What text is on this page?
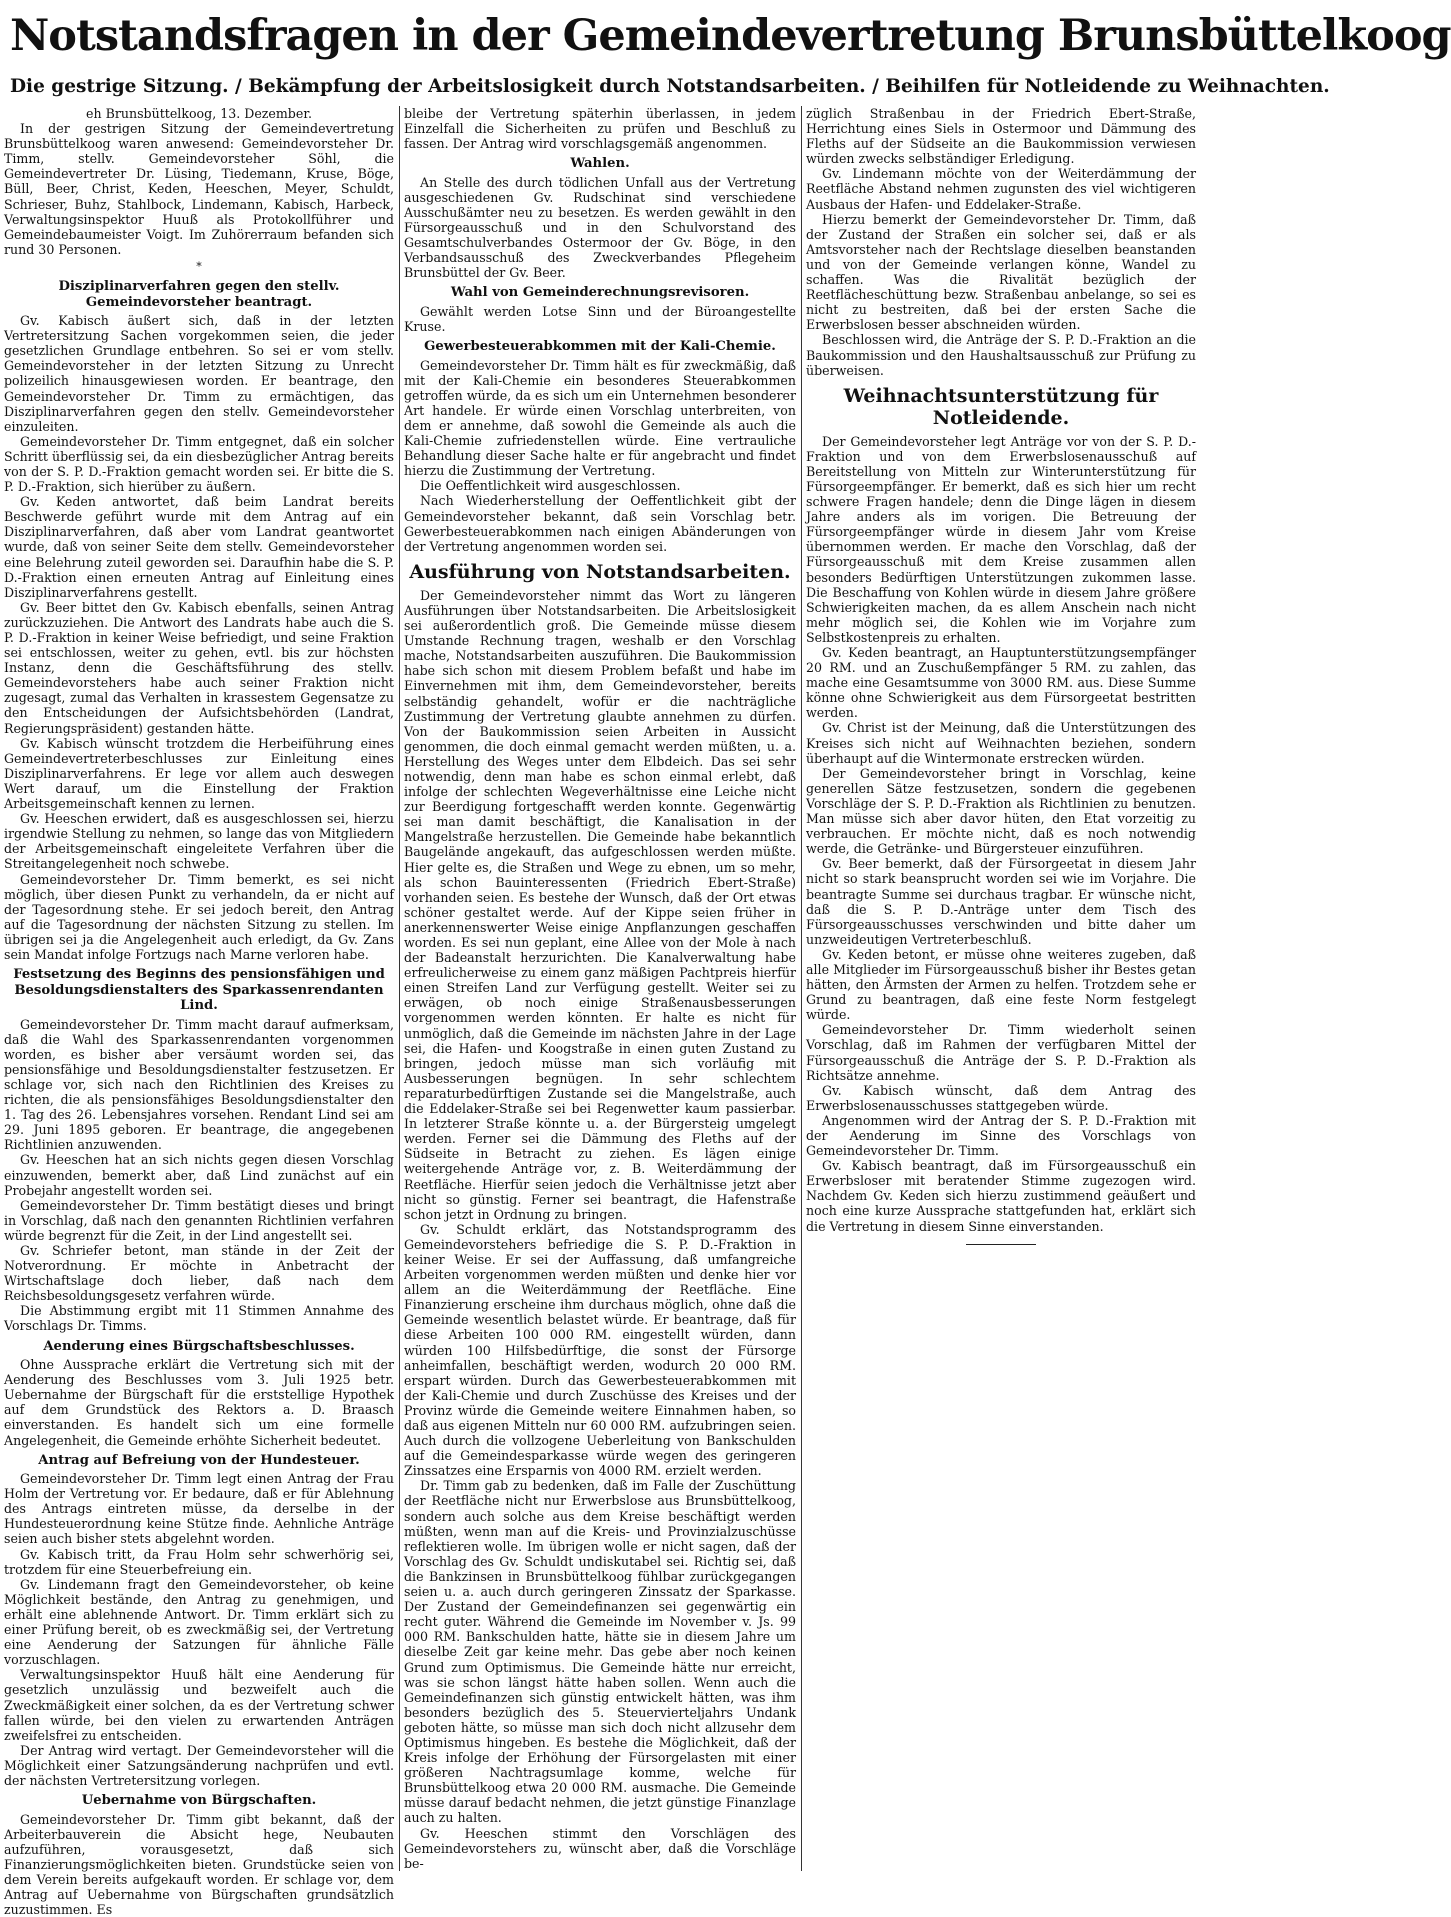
Notstandsfragen in der Gemeindevertretung Brunsbüttelkoog
Die gestrige Sitzung. / Bekämpfung der Arbeitslosigkeit durch Notstandsarbeiten. / Beihilfen für Notleidende zu Weihnachten.

eh Brunsbüttelkoog, 13. Dezember.

In der gestrigen Sitzung der Gemeindevertretung Brunsbüttelkoog waren anwesend: Gemeindevorsteher Dr. Timm, stellv. Gemeindevorsteher Söhl, die Gemeindevertreter Dr. Lüsing, Tiedemann, Kruse, Böge, Büll, Beer, Christ, Keden, Heeschen, Meyer, Schuldt, Schrieser, Buhz, Stahlbock, Lindemann, Kabisch, Harbeck, Verwaltungsinspektor Huuß als Protokollführer und Gemeindebaumeister Voigt. Im Zuhörerraum befanden sich rund 30 Personen.

*
Disziplinarverfahren gegen den stellv. Gemeindevorsteher beantragt.

Gv. Kabisch äußert sich, daß in der letzten Vertretersitzung Sachen vorgekommen seien, die jeder gesetzlichen Grundlage entbehren. So sei er vom stellv. Gemeindevorsteher in der letzten Sitzung zu Unrecht polizeilich hinausgewiesen worden. Er beantrage, den Gemeindevorsteher Dr. Timm zu ermächtigen, das Disziplinarverfahren gegen den stellv. Gemeindevorsteher einzuleiten.

Gemeindevorsteher Dr. Timm entgegnet, daß ein solcher Schritt überflüssig sei, da ein diesbezüglicher Antrag bereits von der S. P. D.-Fraktion gemacht worden sei. Er bitte die S. P. D.-Fraktion, sich hierüber zu äußern.

Gv. Keden antwortet, daß beim Landrat bereits Beschwerde geführt wurde mit dem Antrag auf ein Disziplinarverfahren, daß aber vom Landrat geantwortet wurde, daß von seiner Seite dem stellv. Gemeindevorsteher eine Belehrung zuteil geworden sei. Daraufhin habe die S. P. D.-Fraktion einen erneuten Antrag auf Einleitung eines Disziplinarverfahrens gestellt.

Gv. Beer bittet den Gv. Kabisch ebenfalls, seinen Antrag zurückzuziehen. Die Antwort des Landrats habe auch die S. P. D.-Fraktion in keiner Weise befriedigt, und seine Fraktion sei entschlossen, weiter zu gehen, evtl. bis zur höchsten Instanz, denn die Geschäftsführung des stellv. Gemeindevorstehers habe auch seiner Fraktion nicht zugesagt, zumal das Verhalten in krassestem Gegensatze zu den Entscheidungen der Aufsichtsbehörden (Landrat, Regierungspräsident) gestanden hätte.

Gv. Kabisch wünscht trotzdem die Herbeiführung eines Gemeindevertreterbeschlusses zur Einleitung eines Disziplinarverfahrens. Er lege vor allem auch deswegen Wert darauf, um die Einstellung der Fraktion Arbeitsgemeinschaft kennen zu lernen.

Gv. Heeschen erwidert, daß es ausgeschlossen sei, hierzu irgendwie Stellung zu nehmen, so lange das von Mitgliedern der Arbeitsgemeinschaft eingeleitete Verfahren über die Streitangelegenheit noch schwebe.

Gemeindevorsteher Dr. Timm bemerkt, es sei nicht möglich, über diesen Punkt zu verhandeln, da er nicht auf der Tagesordnung stehe. Er sei jedoch bereit, den Antrag auf die Tagesordnung der nächsten Sitzung zu stellen. Im übrigen sei ja die Angelegenheit auch erledigt, da Gv. Zans sein Mandat infolge Fortzugs nach Marne verloren habe.

Festsetzung des Beginns des pensionsfähigen und Besoldungsdienstalters des Sparkassenrendanten Lind.

Gemeindevorsteher Dr. Timm macht darauf aufmerksam, daß die Wahl des Sparkassenrendanten vorgenommen worden, es bisher aber versäumt worden sei, das pensionsfähige und Besoldungsdienstalter festzusetzen. Er schlage vor, sich nach den Richtlinien des Kreises zu richten, die als pensionsfähiges Besoldungsdienstalter den 1. Tag des 26. Lebensjahres vorsehen. Rendant Lind sei am 29. Juni 1895 geboren. Er beantrage, die angegebenen Richtlinien anzuwenden.

Gv. Heeschen hat an sich nichts gegen diesen Vorschlag einzuwenden, bemerkt aber, daß Lind zunächst auf ein Probejahr angestellt worden sei.

Gemeindevorsteher Dr. Timm bestätigt dieses und bringt in Vorschlag, daß nach den genannten Richtlinien verfahren würde begrenzt für die Zeit, in der Lind angestellt sei.

Gv. Schriefer betont, man stände in der Zeit der Notverordnung. Er möchte in Anbetracht der Wirtschaftslage doch lieber, daß nach dem Reichsbesoldungsgesetz verfahren würde.

Die Abstimmung ergibt mit 11 Stimmen Annahme des Vorschlags Dr. Timms.

Aenderung eines Bürgschaftsbeschlusses.

Ohne Aussprache erklärt die Vertretung sich mit der Aenderung des Beschlusses vom 3. Juli 1925 betr. Uebernahme der Bürgschaft für die erststellige Hypothek auf dem Grundstück des Rektors a. D. Braasch einverstanden. Es handelt sich um eine formelle Angelegenheit, die Gemeinde erhöhte Sicherheit bedeutet.

Antrag auf Befreiung von der Hundesteuer.

Gemeindevorsteher Dr. Timm legt einen Antrag der Frau Holm der Vertretung vor. Er bedaure, daß er für Ablehnung des Antrags eintreten müsse, da derselbe in der Hundesteuerordnung keine Stütze finde. Aehnliche Anträge seien auch bisher stets abgelehnt worden.

Gv. Kabisch tritt, da Frau Holm sehr schwerhörig sei, trotzdem für eine Steuerbefreiung ein.

Gv. Lindemann fragt den Gemeindevorsteher, ob keine Möglichkeit bestände, den Antrag zu genehmigen, und erhält eine ablehnende Antwort. Dr. Timm erklärt sich zu einer Prüfung bereit, ob es zweckmäßig sei, der Vertretung eine Aenderung der Satzungen für ähnliche Fälle vorzuschlagen.

Verwaltungsinspektor Huuß hält eine Aenderung für gesetzlich unzulässig und bezweifelt auch die Zweckmäßigkeit einer solchen, da es der Vertretung schwer fallen würde, bei den vielen zu erwartenden Anträgen zweifelsfrei zu entscheiden.

Der Antrag wird vertagt. Der Gemeindevorsteher will die Möglichkeit einer Satzungsänderung nachprüfen und evtl. der nächsten Vertretersitzung vorlegen.

Uebernahme von Bürgschaften.

Gemeindevorsteher Dr. Timm gibt bekannt, daß der Arbeiterbauverein die Absicht hege, Neubauten aufzuführen, vorausgesetzt, daß sich Finanzierungsmöglichkeiten bieten. Grundstücke seien von dem Verein bereits aufgekauft worden. Er schlage vor, dem Antrag auf Uebernahme von Bürgschaften grundsätzlich zuzustimmen. Es

bleibe der Vertretung späterhin überlassen, in jedem Einzelfall die Sicherheiten zu prüfen und Beschluß zu fassen. Der Antrag wird vorschlagsgemäß angenommen.

Wahlen.

An Stelle des durch tödlichen Unfall aus der Vertretung ausgeschiedenen Gv. Rudschinat sind verschiedene Ausschußämter neu zu besetzen. Es werden gewählt in den Fürsorgeausschuß und in den Schulvorstand des Gesamtschulverbandes Ostermoor der Gv. Böge, in den Verbandsausschuß des Zweckverbandes Pflegeheim Brunsbüttel der Gv. Beer.

Wahl von Gemeinderechnungsrevisoren.

Gewählt werden Lotse Sinn und der Büroangestellte Kruse.

Gewerbesteuerabkommen mit der Kali-Chemie.

Gemeindevorsteher Dr. Timm hält es für zweckmäßig, daß mit der Kali-Chemie ein besonderes Steuerabkommen getroffen würde, da es sich um ein Unternehmen besonderer Art handele. Er würde einen Vorschlag unterbreiten, von dem er annehme, daß sowohl die Gemeinde als auch die Kali-Chemie zufriedenstellen würde. Eine vertrauliche Behandlung dieser Sache halte er für angebracht und findet hierzu die Zustimmung der Vertretung.

Die Oeffentlichkeit wird ausgeschlossen.

Nach Wiederherstellung der Oeffentlichkeit gibt der Gemeindevorsteher bekannt, daß sein Vorschlag betr. Gewerbesteuerabkommen nach einigen Abänderungen von der Vertretung angenommen worden sei.

Ausführung von Notstandsarbeiten.

Der Gemeindevorsteher nimmt das Wort zu längeren Ausführungen über Notstandsarbeiten. Die Arbeitslosigkeit sei außerordentlich groß. Die Gemeinde müsse diesem Umstande Rechnung tragen, weshalb er den Vorschlag mache, Notstandsarbeiten auszuführen. Die Baukommission habe sich schon mit diesem Problem befaßt und habe im Einvernehmen mit ihm, dem Gemeindevorsteher, bereits selbständig gehandelt, wofür er die nachträgliche Zustimmung der Vertretung glaubte annehmen zu dürfen. Von der Baukommission seien Arbeiten in Aussicht genommen, die doch einmal gemacht werden müßten, u. a. Herstellung des Weges unter dem Elbdeich. Das sei sehr notwendig, denn man habe es schon einmal erlebt, daß infolge der schlechten Wegeverhältnisse eine Leiche nicht zur Beerdigung fortgeschafft werden konnte. Gegenwärtig sei man damit beschäftigt, die Kanalisation in der Mangelstraße herzustellen. Die Gemeinde habe bekanntlich Baugelände angekauft, das aufgeschlossen werden müßte. Hier gelte es, die Straßen und Wege zu ebnen, um so mehr, als schon Bauinteressenten (Friedrich Ebert-Straße) vorhanden seien. Es bestehe der Wunsch, daß der Ort etwas schöner gestaltet werde. Auf der Kippe seien früher in anerkennenswerter Weise einige Anpflanzungen geschaffen worden. Es sei nun geplant, eine Allee von der Mole à nach der Badeanstalt herzurichten. Die Kanalverwaltung habe erfreulicherweise zu einem ganz mäßigen Pachtpreis hierfür einen Streifen Land zur Verfügung gestellt. Weiter sei zu erwägen, ob noch einige Straßenausbesserungen vorgenommen werden könnten. Er halte es nicht für unmöglich, daß die Gemeinde im nächsten Jahre in der Lage sei, die Hafen- und Koogstraße in einen guten Zustand zu bringen, jedoch müsse man sich vorläufig mit Ausbesserungen begnügen. In sehr schlechtem reparaturbedürftigen Zustande sei die Mangelstraße, auch die Eddelaker-Straße sei bei Regenwetter kaum passierbar. In letzterer Straße könnte u. a. der Bürgersteig umgelegt werden. Ferner sei die Dämmung des Fleths auf der Südseite in Betracht zu ziehen. Es lägen einige weitergehende Anträge vor, z. B. Weiterdämmung der Reetfläche. Hierfür seien jedoch die Verhältnisse jetzt aber nicht so günstig. Ferner sei beantragt, die Hafenstraße schon jetzt in Ordnung zu bringen.

Gv. Schuldt erklärt, das Notstandsprogramm des Gemeindevorstehers befriedige die S. P. D.-Fraktion in keiner Weise. Er sei der Auffassung, daß umfangreiche Arbeiten vorgenommen werden müßten und denke hier vor allem an die Weiterdämmung der Reetfläche. Eine Finanzierung erscheine ihm durchaus möglich, ohne daß die Gemeinde wesentlich belastet würde. Er beantrage, daß für diese Arbeiten 100 000 RM. eingestellt würden, dann würden 100 Hilfsbedürftige, die sonst der Fürsorge anheimfallen, beschäftigt werden, wodurch 20 000 RM. erspart würden. Durch das Gewerbesteuerabkommen mit der Kali-Chemie und durch Zuschüsse des Kreises und der Provinz würde die Gemeinde weitere Einnahmen haben, so daß aus eigenen Mitteln nur 60 000 RM. aufzubringen seien. Auch durch die vollzogene Ueberleitung von Bankschulden auf die Gemeindesparkasse würde wegen des geringeren Zinssatzes eine Ersparnis von 4000 RM. erzielt werden.

Dr. Timm gab zu bedenken, daß im Falle der Zuschüttung der Reetfläche nicht nur Erwerbslose aus Brunsbüttelkoog, sondern auch solche aus dem Kreise beschäftigt werden müßten, wenn man auf die Kreis- und Provinzialzuschüsse reflektieren wolle. Im übrigen wolle er nicht sagen, daß der Vorschlag des Gv. Schuldt undiskutabel sei. Richtig sei, daß die Bankzinsen in Brunsbüttelkoog fühlbar zurückgegangen seien u. a. auch durch geringeren Zinssatz der Sparkasse. Der Zustand der Gemeindefinanzen sei gegenwärtig ein recht guter. Während die Gemeinde im November v. Js. 99 000 RM. Bankschulden hatte, hätte sie in diesem Jahre um dieselbe Zeit gar keine mehr. Das gebe aber noch keinen Grund zum Optimismus. Die Gemeinde hätte nur erreicht, was sie schon längst hätte haben sollen. Wenn auch die Gemeindefinanzen sich günstig entwickelt hätten, was ihm besonders bezüglich des 5. Steuervierteljahrs Undank geboten hätte, so müsse man sich doch nicht allzusehr dem Optimismus hingeben. Es bestehe die Möglichkeit, daß der Kreis infolge der Erhöhung der Fürsorgelasten mit einer größeren Nachtragsumlage komme, welche für Brunsbüttelkoog etwa 20 000 RM. ausmache. Die Gemeinde müsse darauf bedacht nehmen, die jetzt günstige Finanzlage auch zu halten.

Gv. Heeschen stimmt den Vorschlägen des Gemeindevorstehers zu, wünscht aber, daß die Vorschläge be-

züglich Straßenbau in der Friedrich Ebert-Straße, Herrichtung eines Siels in Ostermoor und Dämmung des Fleths auf der Südseite an die Baukommission verwiesen würden zwecks selbständiger Erledigung.

Gv. Lindemann möchte von der Weiterdämmung der Reetfläche Abstand nehmen zugunsten des viel wichtigeren Ausbaus der Hafen- und Eddelaker-Straße.

Hierzu bemerkt der Gemeindevorsteher Dr. Timm, daß der Zustand der Straßen ein solcher sei, daß er als Amtsvorsteher nach der Rechtslage dieselben beanstanden und von der Gemeinde verlangen könne, Wandel zu schaffen. Was die Rivalität bezüglich der Reetflächeschüttung bezw. Straßenbau anbelange, so sei es nicht zu bestreiten, daß bei der ersten Sache die Erwerbslosen besser abschneiden würden.

Beschlossen wird, die Anträge der S. P. D.-Fraktion an die Baukommission und den Haushaltsausschuß zur Prüfung zu überweisen.

Weihnachtsunterstützung für Notleidende.

Der Gemeindevorsteher legt Anträge vor von der S. P. D.-Fraktion und von dem Erwerbslosenausschuß auf Bereitstellung von Mitteln zur Winterunterstützung für Fürsorgeempfänger. Er bemerkt, daß es sich hier um recht schwere Fragen handele; denn die Dinge lägen in diesem Jahre anders als im vorigen. Die Betreuung der Fürsorgeempfänger würde in diesem Jahr vom Kreise übernommen werden. Er mache den Vorschlag, daß der Fürsorgeausschuß mit dem Kreise zusammen allen besonders Bedürftigen Unterstützungen zukommen lasse. Die Beschaffung von Kohlen würde in diesem Jahre größere Schwierigkeiten machen, da es allem Anschein nach nicht mehr möglich sei, die Kohlen wie im Vorjahre zum Selbstkostenpreis zu erhalten.

Gv. Keden beantragt, an Hauptunterstützungsempfänger 20 RM. und an Zuschußempfänger 5 RM. zu zahlen, das mache eine Gesamtsumme von 3000 RM. aus. Diese Summe könne ohne Schwierigkeit aus dem Fürsorgeetat bestritten werden.

Gv. Christ ist der Meinung, daß die Unterstützungen des Kreises sich nicht auf Weihnachten beziehen, sondern überhaupt auf die Wintermonate erstrecken würden.

Der Gemeindevorsteher bringt in Vorschlag, keine generellen Sätze festzusetzen, sondern die gegebenen Vorschläge der S. P. D.-Fraktion als Richtlinien zu benutzen. Man müsse sich aber davor hüten, den Etat vorzeitig zu verbrauchen. Er möchte nicht, daß es noch notwendig werde, die Getränke- und Bürgersteuer einzuführen.

Gv. Beer bemerkt, daß der Fürsorgeetat in diesem Jahr nicht so stark beansprucht worden sei wie im Vorjahre. Die beantragte Summe sei durchaus tragbar. Er wünsche nicht, daß die S. P. D.-Anträge unter dem Tisch des Fürsorgeausschusses verschwinden und bitte daher um unzweideutigen Vertreterbeschluß.

Gv. Keden betont, er müsse ohne weiteres zugeben, daß alle Mitglieder im Fürsorgeausschuß bisher ihr Bestes getan hätten, den Ärmsten der Armen zu helfen. Trotzdem sehe er Grund zu beantragen, daß eine feste Norm festgelegt würde.

Gemeindevorsteher Dr. Timm wiederholt seinen Vorschlag, daß im Rahmen der verfügbaren Mittel der Fürsorgeausschuß die Anträge der S. P. D.-Fraktion als Richtsätze annehme.

Gv. Kabisch wünscht, daß dem Antrag des Erwerbslosenausschusses stattgegeben würde.

Angenommen wird der Antrag der S. P. D.-Fraktion mit der Aenderung im Sinne des Vorschlags von Gemeindevorsteher Dr. Timm.

Gv. Kabisch beantragt, daß im Fürsorgeausschuß ein Erwerbsloser mit beratender Stimme zugezogen wird. Nachdem Gv. Keden sich hierzu zustimmend geäußert und noch eine kurze Aussprache stattgefunden hat, erklärt sich die Vertretung in diesem Sinne einverstanden.
